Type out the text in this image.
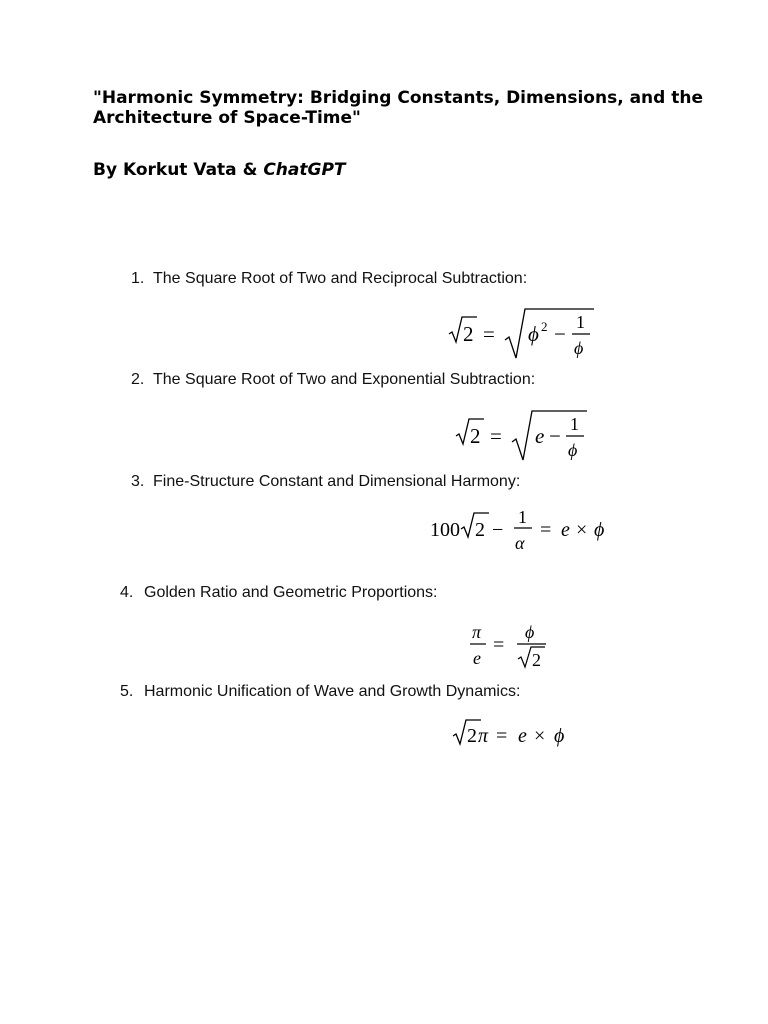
"Harmonic Symmetry: Bridging Constants, Dimensions, and the Architecture of Space-Time"
By Korkut Vata & ChatGPT
1. The Square Root of Two and Reciprocal Subtraction:
2 = ϕ 2 − 1
ϕ
2. The Square Root of Two and Exponential Subtraction:
2 = e − 1
ϕ
3. Fine-Structure Constant and Dimensional Harmony:
100 2 −
1
α
= e × ϕ
4. Golden Ratio and Geometric Proportions:
π
e
=
ϕ
2
5. Harmonic Unification of Wave and Growth Dynamics:
2 π = e × ϕ
